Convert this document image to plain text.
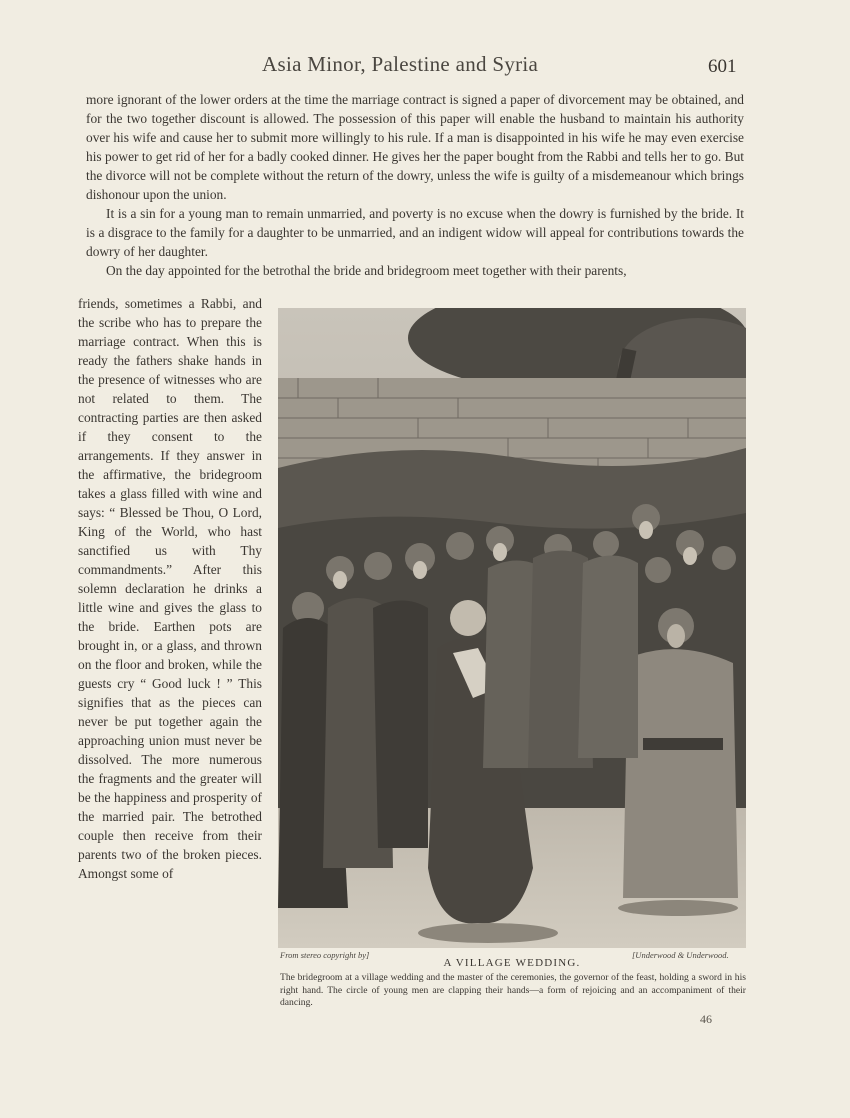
Asia Minor, Palestine and Syria	601

more ignorant of the lower orders at the time the marriage contract is signed a paper of divorcement may be obtained, and for the two together discount is allowed. The possession of this paper will enable the husband to maintain his authority over his wife and cause her to submit more willingly to his rule. If a man is disappointed in his wife he may even exercise his power to get rid of her for a badly cooked dinner. He gives her the paper bought from the Rabbi and tells her to go. But the divorce will not be complete without the return of the dowry, unless the wife is guilty of a misdemeanour which brings dishonour upon the union.

It is a sin for a young man to remain unmarried, and poverty is no excuse when the dowry is furnished by the bride. It is a disgrace to the family for a daughter to be unmarried, and an indigent widow will appeal for contributions towards the dowry of her daughter.

On the day appointed for the betrothal the bride and bridegroom meet together with their parents,

friends, sometimes a Rabbi, and the scribe who has to prepare the marriage contract. When this is ready the fathers shake hands in the presence of witnesses who are not related to them. The contracting parties are then asked if they consent to the arrangements. If they answer in the affirmative, the bridegroom takes a glass filled with wine and says: “ Blessed be Thou, O Lord, King of the World, who hast sanctified us with Thy commandments.” After this solemn declaration he drinks a little wine and gives the glass to the bride. Earthen pots are brought in, or a glass, and thrown on the floor and broken, while the guests cry “ Good luck ! ” This signifies that as the pieces can never be put together again the approaching union must never be dissolved. The more numerous the fragments and the greater will be the happiness and prosperity of the married pair. The betrothed couple then receive from their parents two of the broken pieces. Amongst some of

From stereo copyright by]	[Underwood & Underwood.
A VILLAGE WEDDING.
The bridegroom at a village wedding and the master of the ceremonies, the governor of the feast, holding a sword in his right hand. The circle of young men are clapping their hands—a form of rejoicing and an accompaniment of their dancing.
46
